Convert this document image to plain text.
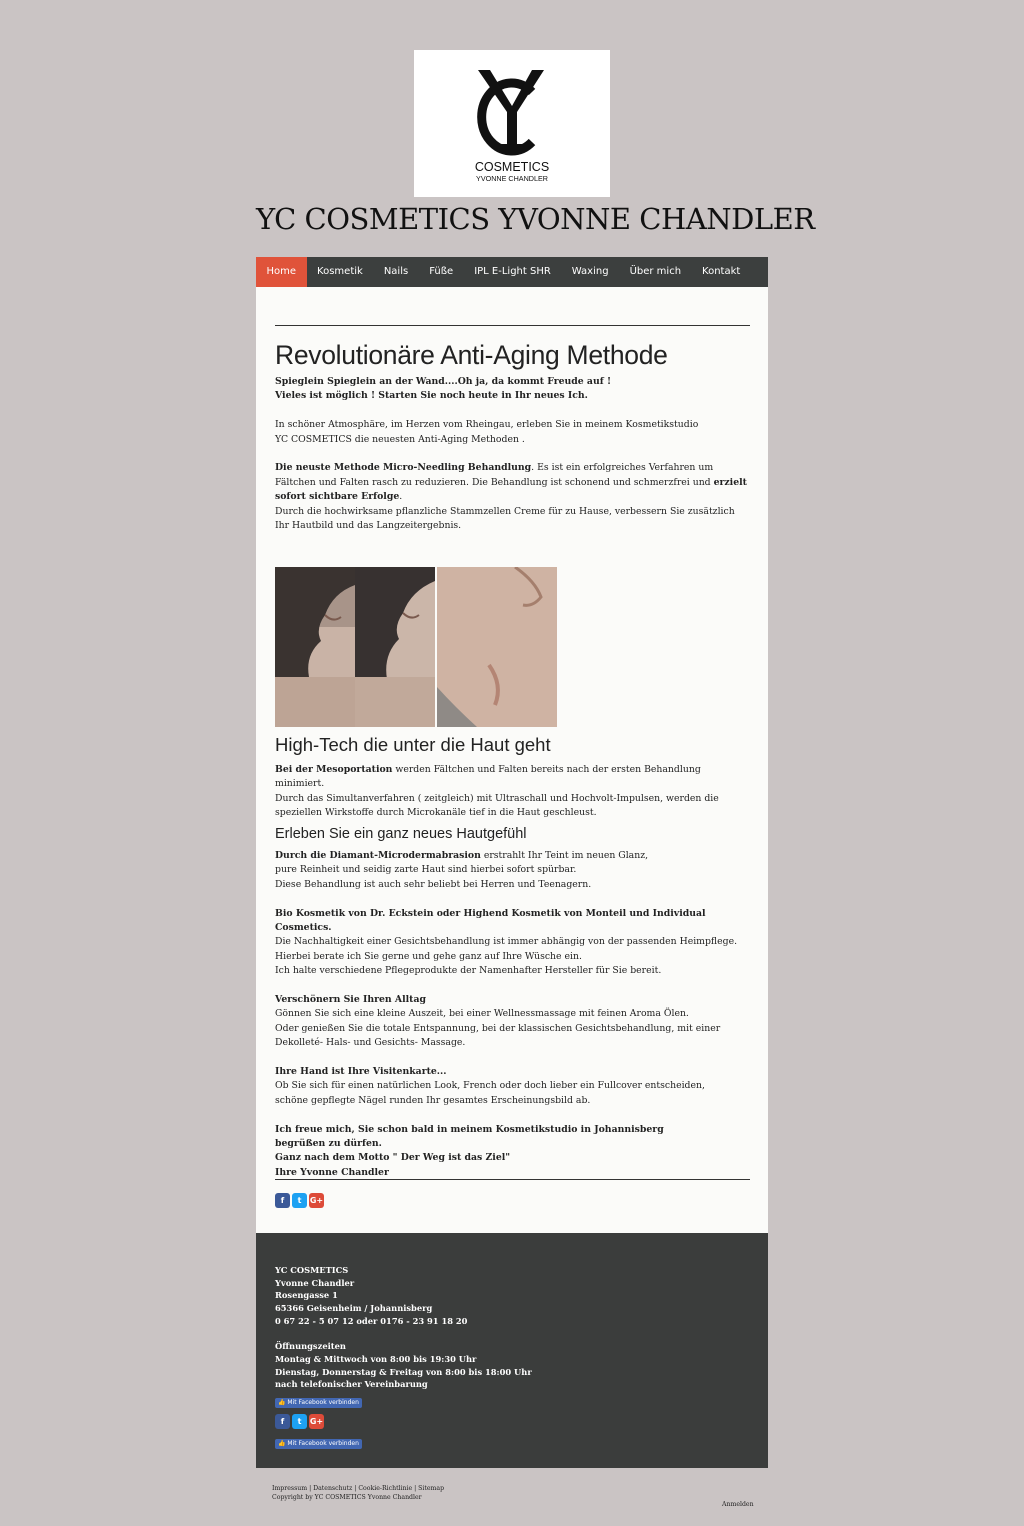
COSMETICS
YVONNE CHANDLER
YC COSMETICS YVONNE CHANDLER
Home	Kosmetik	Nails	Füße	IPL E-Light SHR	Waxing	Über mich	Kontakt
Revolutionäre Anti-Aging Methode

Spieglein Spieglein an der Wand....Oh ja, da kommt Freude auf !

Vieles ist möglich ! Starten Sie noch heute in Ihr neues Ich.

In schöner Atmosphäre, im Herzen vom Rheingau, erleben Sie in meinem Kosmetikstudio

YC COSMETICS die neuesten Anti-Aging Methoden .

Die neuste Methode Micro-Needling Behandlung. Es ist ein erfolgreiches Verfahren um Fältchen und Falten rasch zu reduzieren. Die Behandlung ist schonend und schmerzfrei und erzielt sofort sichtbare Erfolge.

Durch die hochwirksame pflanzliche Stammzellen Creme für zu Hause, verbessern Sie zusätzlich

Ihr Hautbild und das Langzeitergebnis.

High-Tech die unter die Haut geht

Bei der Mesoportation werden Fältchen und Falten bereits nach der ersten Behandlung minimiert.

Durch das Simultanverfahren ( zeitgleich) mit Ultraschall und Hochvolt-Impulsen, werden die

speziellen Wirkstoffe durch Microkanäle tief in die Haut geschleust.

Erleben Sie ein ganz neues Hautgefühl

Durch die Diamant-Microdermabrasion erstrahlt Ihr Teint im neuen Glanz,

pure Reinheit und seidig zarte Haut sind hierbei sofort spürbar.

Diese Behandlung ist auch sehr beliebt bei Herren und Teenagern.

Bio Kosmetik von Dr. Eckstein oder Highend Kosmetik von Monteil und Individual Cosmetics.

Die Nachhaltigkeit einer Gesichtsbehandlung ist immer abhängig von der passenden Heimpflege.

Hierbei berate ich Sie gerne und gehe ganz auf Ihre Wüsche ein.

Ich halte verschiedene Pflegeprodukte der Namenhafter Hersteller für Sie bereit.

Verschönern Sie Ihren Alltag

Gönnen Sie sich eine kleine Auszeit, bei einer Wellnessmassage mit feinen Aroma Ölen.

Oder genießen Sie die totale Entspannung, bei der klassischen Gesichtsbehandlung, mit einer

Dekolleté- Hals- und Gesichts- Massage.

Ihre Hand ist Ihre Visitenkarte...

Ob Sie sich für einen natürlichen Look, French oder doch lieber ein Fullcover entscheiden,

schöne gepflegte Nägel runden Ihr gesamtes Erscheinungsbild ab.

Ich freue mich, Sie schon bald in meinem Kosmetikstudio in Johannisberg

begrüßen zu dürfen.

Ganz nach dem Motto " Der Weg ist das Ziel"

Ihre Yvonne Chandler

f	t	G+

YC COSMETICS

Yvonne Chandler

Rosengasse 1

65366 Geisenheim / Johannisberg

0 67 22 - 5 07 12 oder 0176 - 23 91 18 20

Öffnungszeiten

Montag & Mittwoch von 8:00 bis 19:30 Uhr

Dienstag, Donnerstag & Freitag von 8:00 bis 18:00 Uhr

nach telefonischer Vereinbarung

👍 Mit Facebook verbinden
f	t	G+
👍 Mit Facebook verbinden
Impressum | Datenschutz | Cookie-Richtlinie | Sitemap
Copyright by YC COSMETICS Yvonne Chandler
Anmelden
